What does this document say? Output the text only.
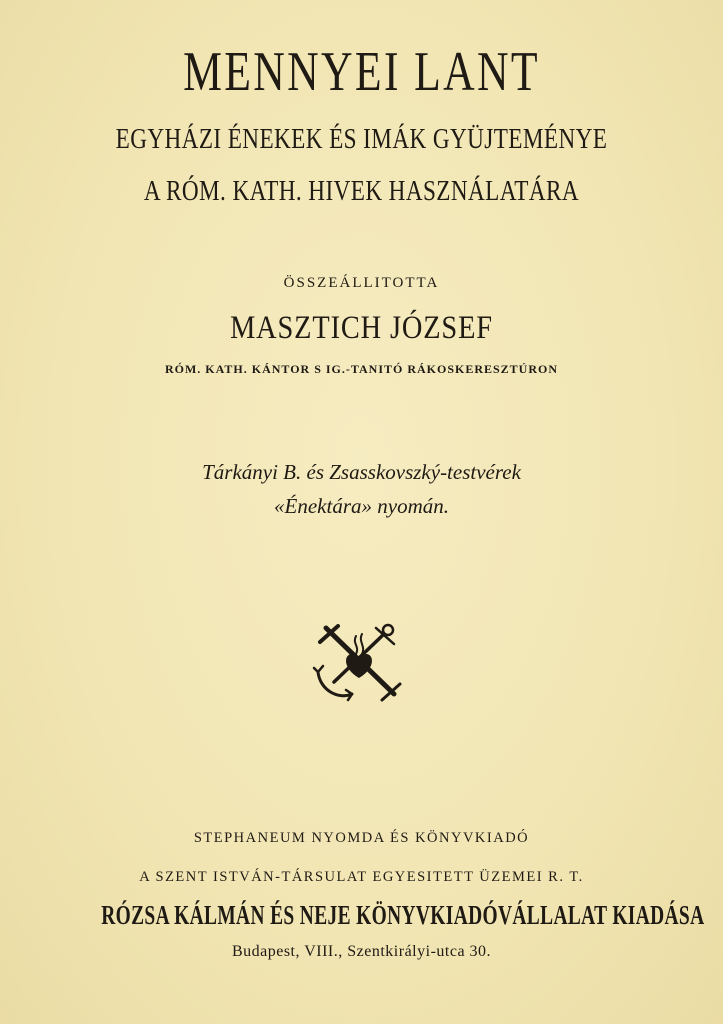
MENNYEI LANT
EGYHÁZI ÉNEKEK ÉS IMÁK GYÜJTEMÉNYE
A RÓM. KATH. HIVEK HASZNÁLATÁRA
ÖSSZEÁLLITOTTA
MASZTICH JÓZSEF
RÓM. KATH. KÁNTOR S IG.-TANITÓ RÁKOSKERESZTÚRON
Tárkányi B. és Zsasskovszký-testvérek
«Énektára» nyomán.
STEPHANEUM NYOMDA ÉS KÖNYVKIADÓ
A SZENT ISTVÁN-TÁRSULAT EGYESITETT ÜZEMEI R. T.
RÓZSA KÁLMÁN ÉS NEJE KÖNYVKIADÓVÁLLALAT KIADÁSA
Budapest, VIII., Szentkirályi-utca 30.
